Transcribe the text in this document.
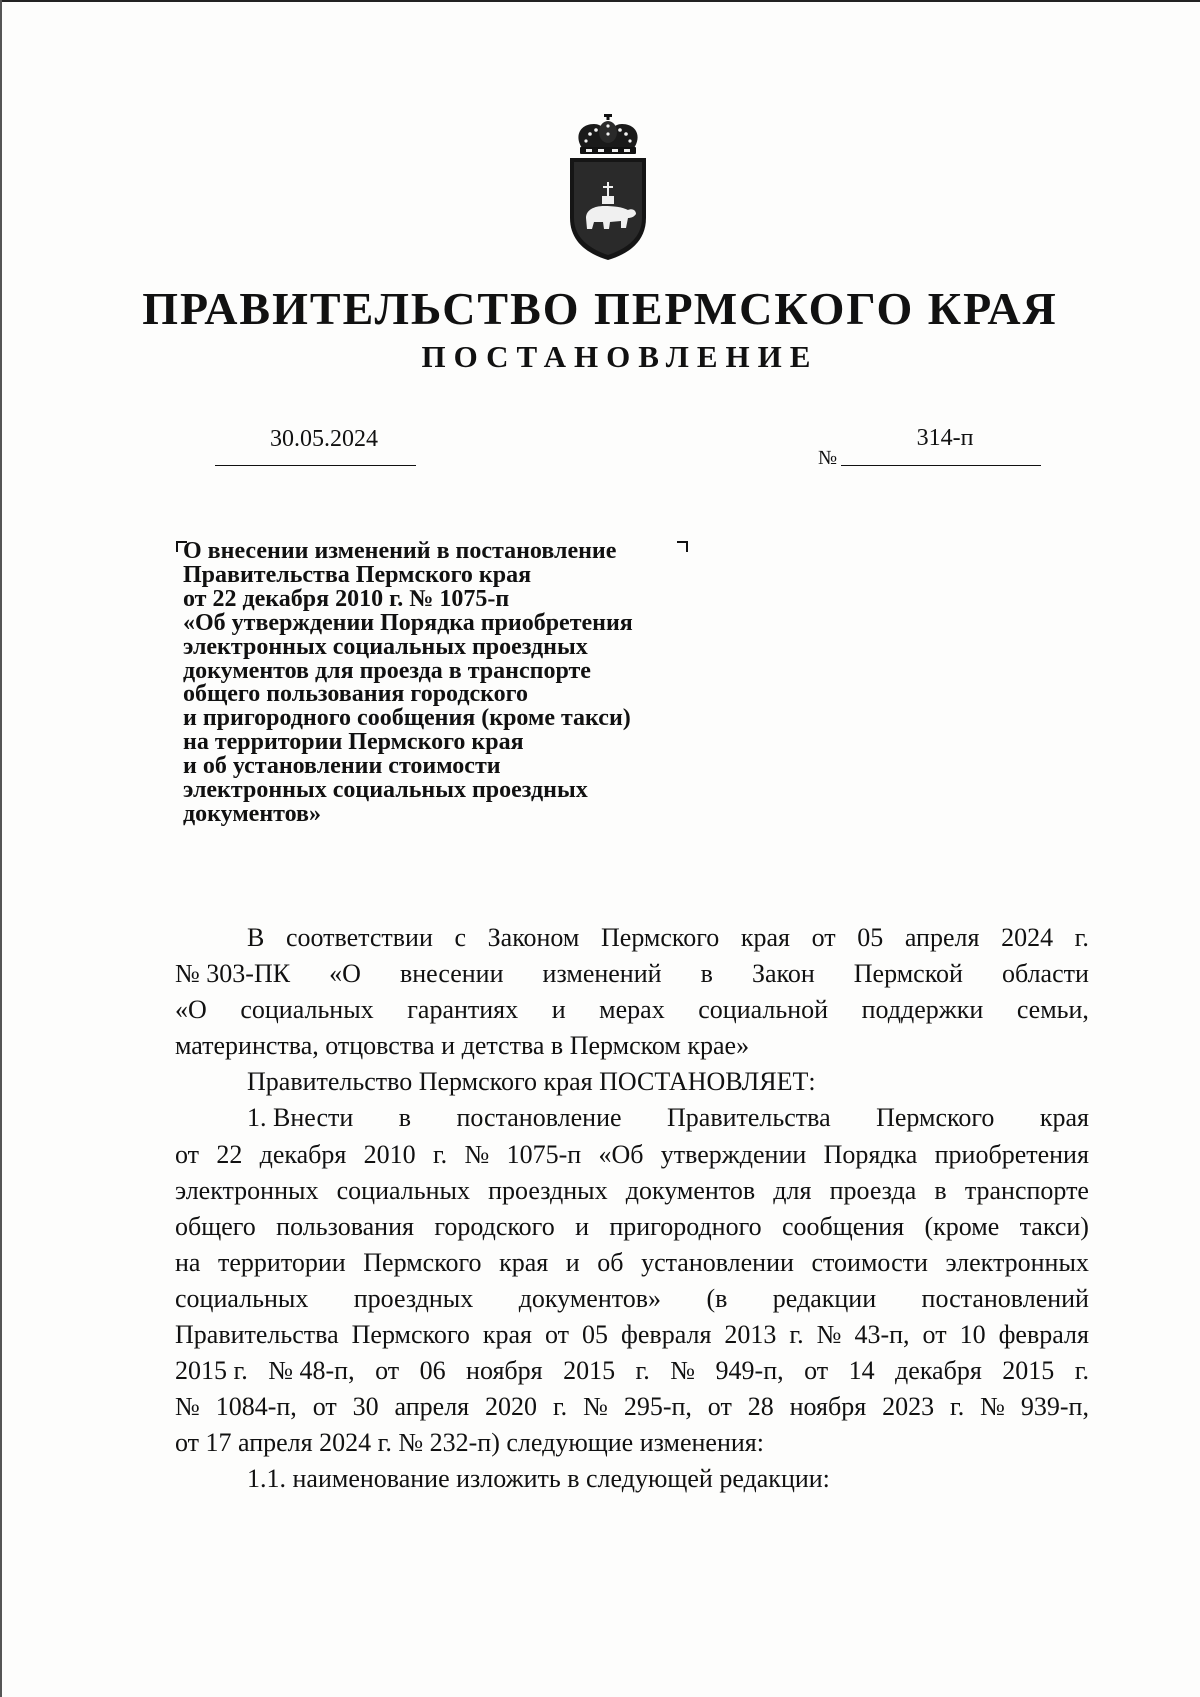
ПРАВИТЕЛЬСТВО ПЕРМСКОГО КРАЯ
ПОСТАНОВЛЕНИЕ
30.05.2024
№
314-п
О внесении изменений в постановление
Правительства Пермского края
от 22 декабря 2010 г. № 1075-п
«Об утверждении Порядка приобретения
электронных социальных проездных
документов для проезда в транспорте
общего пользования городского
и пригородного сообщения (кроме такси)
на территории Пермского края
и об установлении стоимости
электронных социальных проездных
документов»
В соответствии с Законом Пермского края от 05 апреля 2024 г.
№ 303-ПК «О внесении изменений в Закон Пермской области
«О социальных гарантиях и мерах социальной поддержки семьи,
материнства, отцовства и детства в Пермском крае»
Правительство Пермского края ПОСТАНОВЛЯЕТ:
1. Внести в постановление Правительства Пермского края
от 22 декабря 2010 г. № 1075-п «Об утверждении Порядка приобретения
электронных социальных проездных документов для проезда в транспорте
общего пользования городского и пригородного сообщения (кроме такси)
на территории Пермского края и об установлении стоимости электронных
социальных проездных документов» (в редакции постановлений
Правительства Пермского края от 05 февраля 2013 г. № 43-п, от 10 февраля
2015 г. № 48-п, от 06 ноября 2015 г. № 949-п, от 14 декабря 2015 г.
№ 1084-п, от 30 апреля 2020 г. № 295-п, от 28 ноября 2023 г. № 939-п,
от 17 апреля 2024 г. № 232-п) следующие изменения:
1.1. наименование изложить в следующей редакции:
